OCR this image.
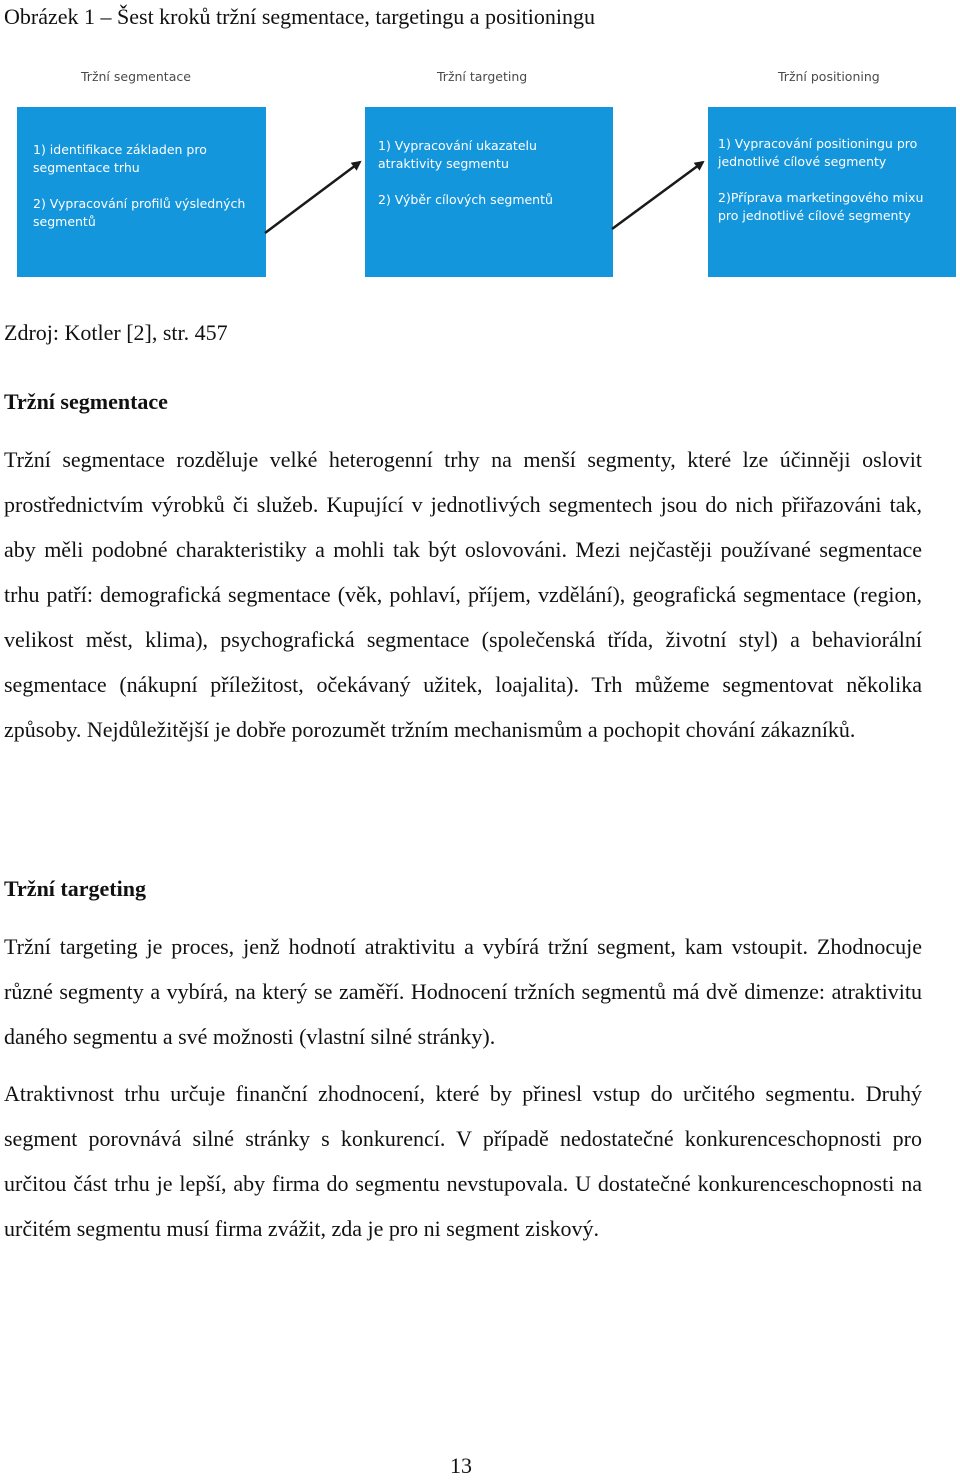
Obrázek 1 – Šest kroků tržní segmentace, targetingu a positioningu
Tržní segmentace	Tržní targeting	Tržní positioning

1) identifikace základen pro segmentace trhu

2) Vypracování profilů výsledných segmentů

1) Vypracování ukazatelu atraktivity segmentu

2) Výběr cílových segmentů

1) Vypracování positioningu pro jednotlivé cílové segmenty

2)Příprava marketingového mixu pro jednotlivé cílové segmenty

Zdroj: Kotler [2], str. 457
Tržní segmentace

Tržní segmentace rozděluje velké heterogenní trhy na menší segmenty, které lze účinněji oslovit prostřednictvím výrobků či služeb. Kupující v jednotlivých segmentech jsou do nich přiřazováni tak, aby měli podobné charakteristiky a mohli tak být oslovováni. Mezi nejčastěji používané segmentace trhu patří: demografická segmentace (věk, pohlaví, příjem, vzdělání), geografická segmentace (region, velikost měst, klima), psychografická segmentace (společenská třída, životní styl) a behaviorální segmentace (nákupní příležitost, očekávaný užitek, loajalita). Trh můžeme segmentovat několika způsoby. Nejdůležitější je dobře porozumět tržním mechanismům a pochopit chování zákazníků.

Tržní targeting

Tržní targeting je proces, jenž hodnotí atraktivitu a vybírá tržní segment, kam vstoupit. Zhodnocuje různé segmenty a vybírá, na který se zaměří. Hodnocení tržních segmentů má dvě dimenze: atraktivitu daného segmentu a své možnosti (vlastní silné stránky).

Atraktivnost trhu určuje finanční zhodnocení, které by přinesl vstup do určitého segmentu. Druhý segment porovnává silné stránky s konkurencí. V případě nedostatečné konkurenceschopnosti pro určitou část trhu je lepší, aby firma do segmentu nevstupovala. U dostatečné konkurenceschopnosti na určitém segmentu musí firma zvážit, zda je pro ni segment ziskový.

13
